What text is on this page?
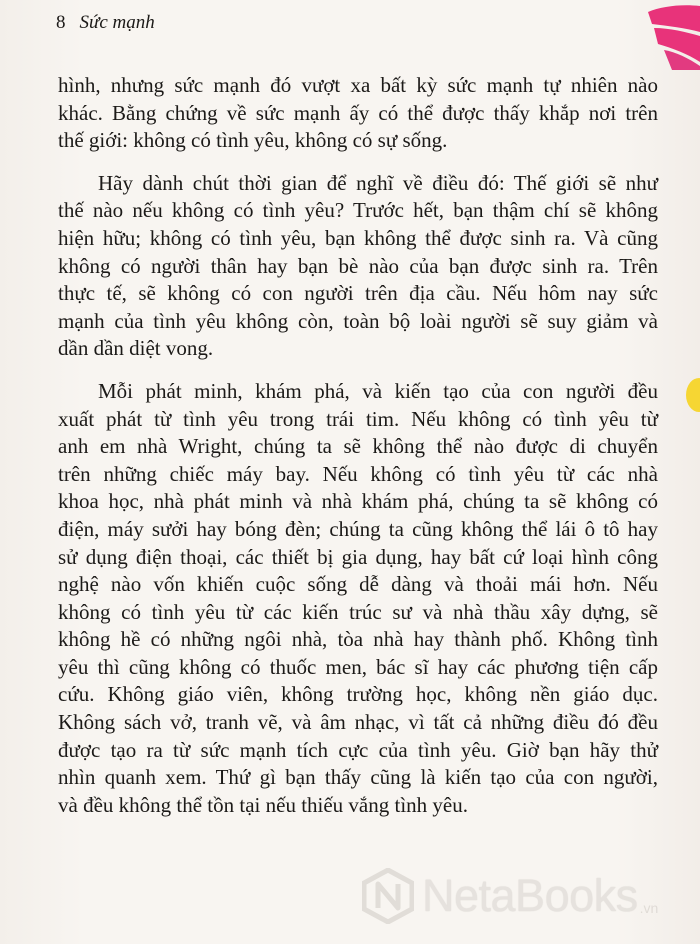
8 Sức mạnh

hình, nhưng sức mạnh đó vượt xa bất kỳ sức mạnh tự nhiên nào
khác. Bằng chứng về sức mạnh ấy có thể được thấy khắp nơi trên
thế giới: không có tình yêu, không có sự sống.

Hãy dành chút thời gian để nghĩ về điều đó: Thế giới sẽ như
thế nào nếu không có tình yêu? Trước hết, bạn thậm chí sẽ không
hiện hữu; không có tình yêu, bạn không thể được sinh ra. Và cũng
không có người thân hay bạn bè nào của bạn được sinh ra. Trên
thực tế, sẽ không có con người trên địa cầu. Nếu hôm nay sức
mạnh của tình yêu không còn, toàn bộ loài người sẽ suy giảm và
dần dần diệt vong.

Mỗi phát minh, khám phá, và kiến tạo của con người đều
xuất phát từ tình yêu trong trái tim. Nếu không có tình yêu từ
anh em nhà Wright, chúng ta sẽ không thể nào được di chuyển
trên những chiếc máy bay. Nếu không có tình yêu từ các nhà
khoa học, nhà phát minh và nhà khám phá, chúng ta sẽ không có
điện, máy sưởi hay bóng đèn; chúng ta cũng không thể lái ô tô hay
sử dụng điện thoại, các thiết bị gia dụng, hay bất cứ loại hình công
nghệ nào vốn khiến cuộc sống dễ dàng và thoải mái hơn. Nếu
không có tình yêu từ các kiến trúc sư và nhà thầu xây dựng, sẽ
không hề có những ngôi nhà, tòa nhà hay thành phố. Không tình
yêu thì cũng không có thuốc men, bác sĩ hay các phương tiện cấp
cứu. Không giáo viên, không trường học, không nền giáo dục.
Không sách vở, tranh vẽ, và âm nhạc, vì tất cả những điều đó đều
được tạo ra từ sức mạnh tích cực của tình yêu. Giờ bạn hãy thử
nhìn quanh xem. Thứ gì bạn thấy cũng là kiến tạo của con người,
và đều không thể tồn tại nếu thiếu vắng tình yêu.

NetaBooks .vn
